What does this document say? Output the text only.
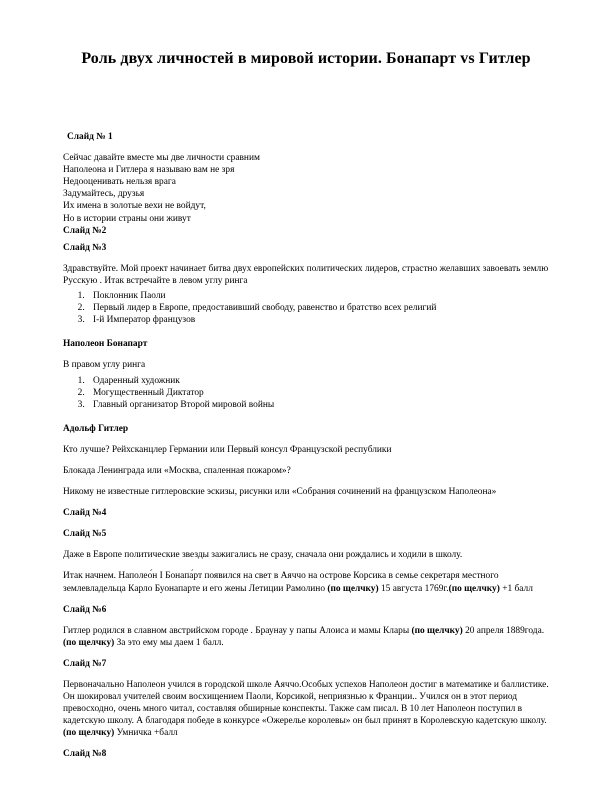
Роль двух личностей в мировой истории. Бонапарт vs Гитлер

Слайд № 1

Сейчас давайте вместе мы две личности сравним

Наполеона и Гитлера я называю вам не зря

Недооценивать нельзя врага

Задумайтесь, друзья

Их имена в золотые вехи не войдут,

Но в истории страны они живут

Слайд №2

Слайд №3

Здравствуйте. Мой проект начинает битва двух европейских политических лидеров, страстно желавших завоевать землю Русскую . Итак встречайте в левом углу ринга

1. Поклонник Паоли
2. Первый лидер в Европе, предоставивший свободу, равенство и братство всех религий
3. I-й Император французов

Наполеон Бонапарт

В правом углу ринга

1. Одаренный художник
2. Могущественный Диктатор
3. Главный организатор Второй мировой войны

Адольф Гитлер

Кто лучше? Рейхсканцлер Германии или Первый консул Французской республики

Блокада Ленинграда или «Москва, спаленная пожаром»?

Никому не известные гитлеровские эскизы, рисунки или «Собрания сочинений на французском Наполеона»

Слайд №4

Слайд №5

Даже в Европе политические звезды зажигались не сразу, сначала они рождались и ходили в школу.

Итак начнем. Наполео́н I Бонапа́рт появился на свет в Аяччо на острове Корсика в семье секретаря местного землевладельца Карло Буонапарте и его жены Летиции Рамолино (по щелчку) 15 августа 1769г.(по щелчку) +1 балл

Слайд №6

Гитлер родился в славном австрийском городе . Браунау у папы Алоиса и мамы Клары (по щелчку) 20 апреля 1889года. (по щелчку) За это ему мы даем 1 балл.

Слайд №7

Первоначально Наполеон учился в городской школе Аяччо.Особых успехов Наполеон достиг в математике и баллистике. Он шокировал учителей своим восхищением Паоли, Корсикой, неприязнью к Франции.. Учился он в этот период превосходно, очень много читал, составляя обширные конспекты. Также сам писал. В 10 лет Наполеон поступил в кадетскую школу. А благодаря победе в конкурсе «Ожерелье королевы» он был принят в Королевскую кадетскую школу. (по щелчку) Умничка +балл

Слайд №8
